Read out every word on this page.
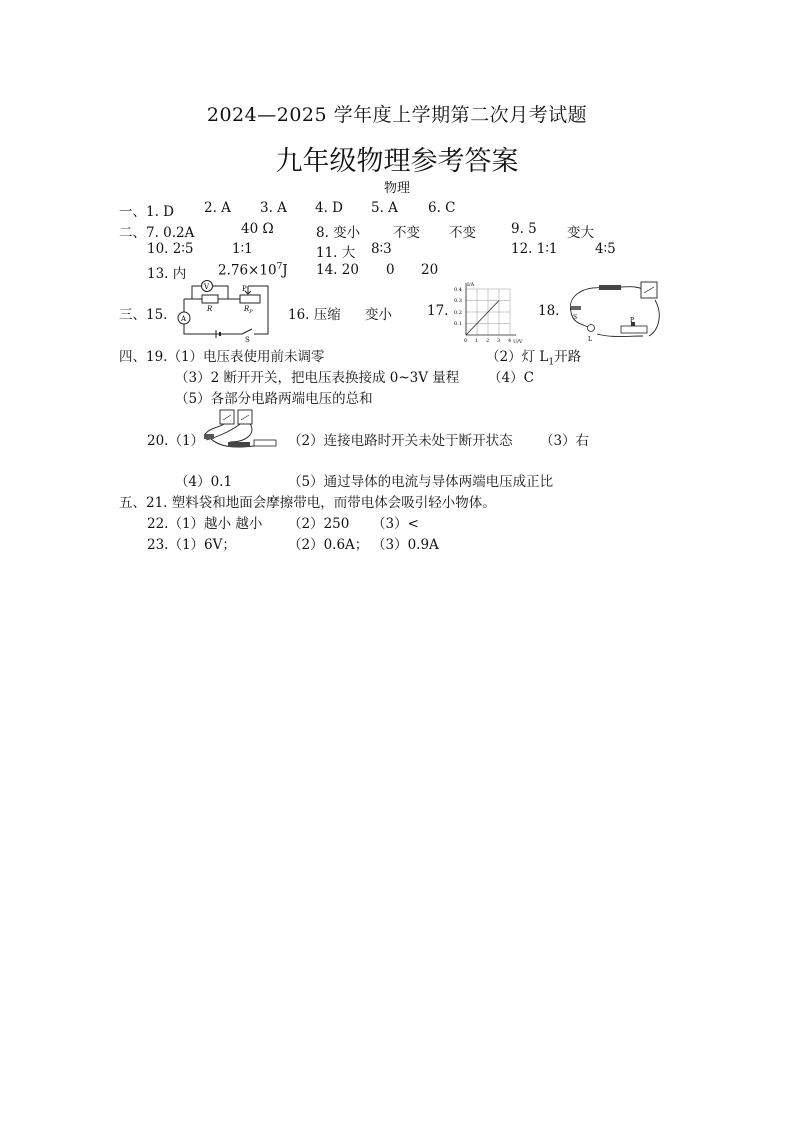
2024—2025 学年度上学期第二次月考试题
九年级物理参考答案
物理
一、1. D 2. A 3. A 4. D 5. A 6. C
二、7. 0.2A	40 Ω	8. 变小 不变 不变	9. 5 变大
10. 2∶5	1∶1	11. 大 8∶3	12. 1∶1	4∶5
13. 内 $2.76\times 10^7J$ 14. 20 0 20
三、15.
V
A
R	$R_P$
P
S
16. 压缩 变小	17.
I/A
U/V
0.4
0.3
0.2
0.1
0 1 2 3 4
18. S
L
P
四、19.（1）电压表使用前未调零	（2）灯 $L_1$开路
（3）2 断开开关，把电压表换接成 0~3V 量程 （4）C
（5）各部分电路两端电压的总和
20.（1）	（2）连接电路时开关未处于断开状态 （3）右
（4）0.1	（5）通过导体的电流与导体两端电压成正比
五、21. 塑料袋和地面会摩擦带电，而带电体会吸引轻小物体。
22.（1）越小 越小 （2）250 （3）<
23.（1）6V；	（2）0.6A； （3）0.9A
